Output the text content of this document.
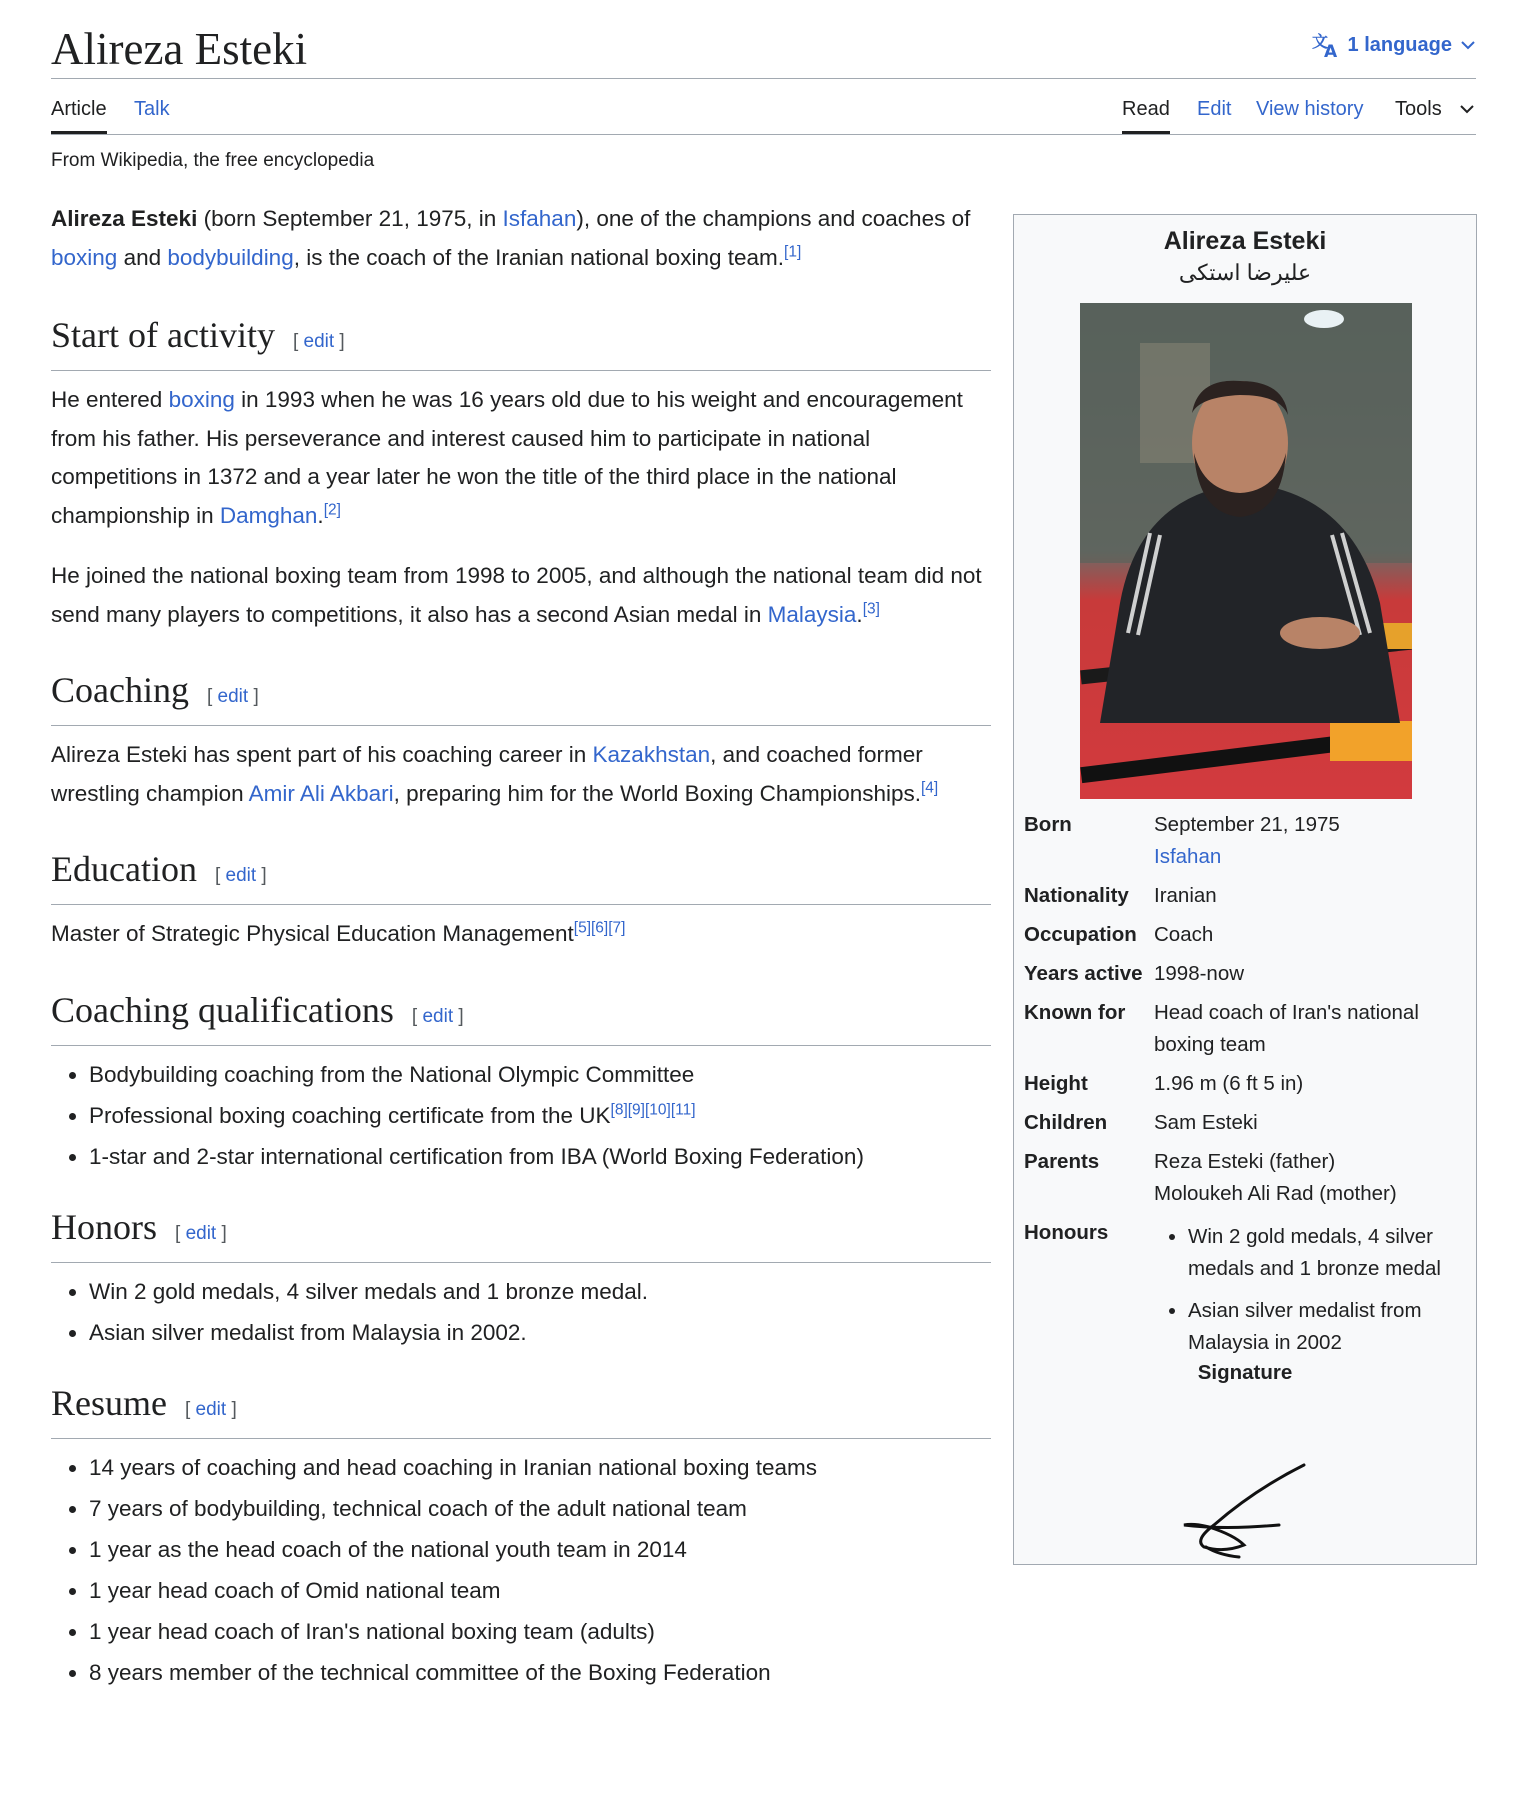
Alireza Esteki	文
A 1 language
Article Talk	Read Edit View history Tools
From Wikipedia, the free encyclopedia

Alireza Esteki (born September 21, 1975, in Isfahan), one of the champions and coaches of boxing and bodybuilding, is the coach of the Iranian national boxing team.[1]

Start of activity [ edit ]

He entered boxing in 1993 when he was 16 years old due to his weight and encouragement from his father. His perseverance and interest caused him to participate in national competitions in 1372 and a year later he won the title of the third place in the national championship in Damghan.[2]

He joined the national boxing team from 1998 to 2005, and although the national team did not send many players to competitions, it also has a second Asian medal in Malaysia.[3]

Coaching [ edit ]

Alireza Esteki has spent part of his coaching career in Kazakhstan, and coached former wrestling champion Amir Ali Akbari, preparing him for the World Boxing Championships.[4]

Education [ edit ]

Master of Strategic Physical Education Management[5][6][7]

Coaching qualifications [ edit ]
• Bodybuilding coaching from the National Olympic Committee
• Professional boxing coaching certificate from the UK[8][9][10][11]
• 1-star and 2-star international certification from IBA (World Boxing Federation)
Honors [ edit ]
• Win 2 gold medals, 4 silver medals and 1 bronze medal.
• Asian silver medalist from Malaysia in 2002.
Resume [ edit ]
• 14 years of coaching and head coaching in Iranian national boxing teams
• 7 years of bodybuilding, technical coach of the adult national team
• 1 year as the head coach of the national youth team in 2014
• 1 year head coach of Omid national team
• 1 year head coach of Iran's national boxing team (adults)
• 8 years member of the technical committee of the Boxing Federation
Alireza Esteki
علیرضا استکی
Born	September 21, 1975
Isfahan
Nationality	Iranian
Occupation Coach
Years active 1998-now
Known for	Head coach of Iran's national boxing team
Height	1.96 m (6 ft 5 in)
Children	Sam Esteki
Parents	Reza Esteki (father)
Moloukeh Ali Rad (mother)
Honours
•	Win 2 gold medals, 4 silver medals and 1 bronze medal
• Asian silver medalist from Malaysia in 2002
Signature
